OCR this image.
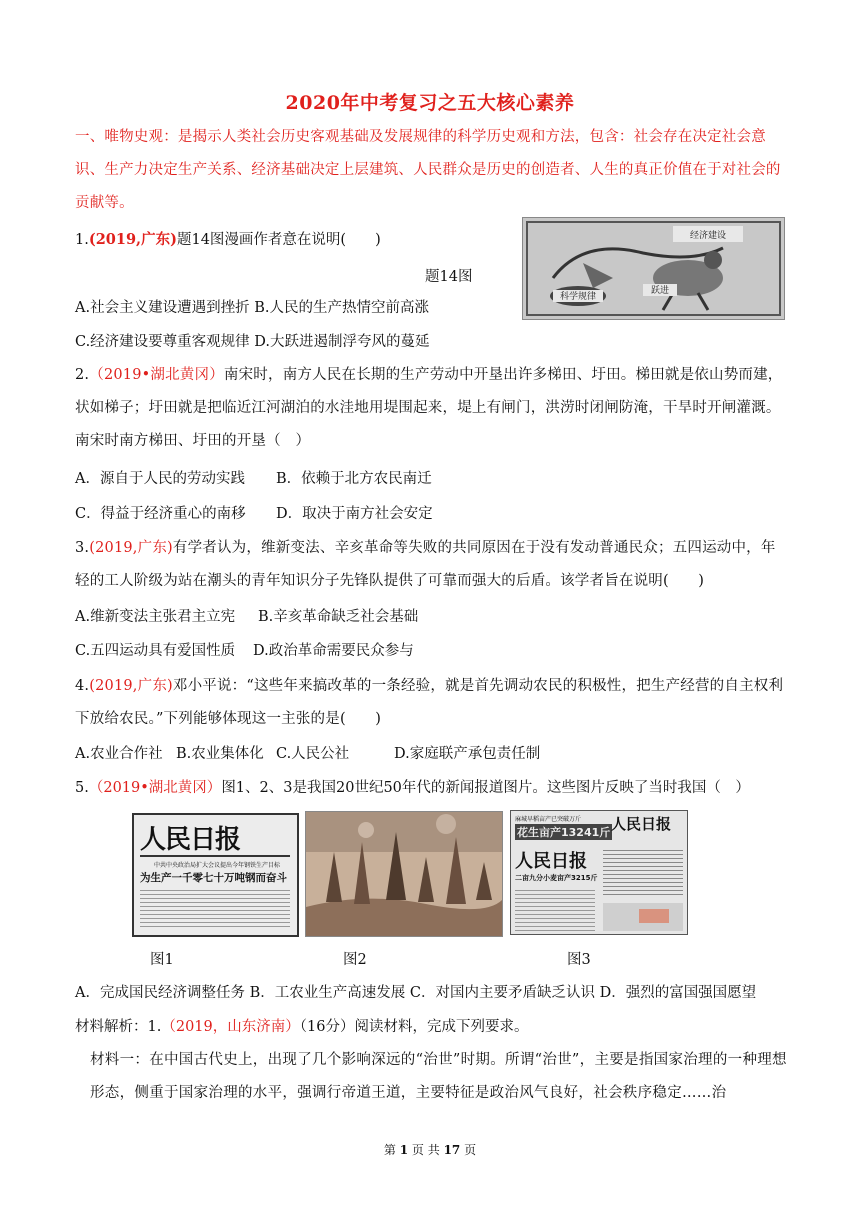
2020年中考复习之五大核心素养
一、唯物史观：是揭示人类社会历史客观基础及发展规律的科学历史观和方法，包含：社会存在决定社会意识、生产力决定生产关系、经济基础决定上层建筑、人民群众是历史的创造者、人生的真正价值在于对社会的贡献等。
1.(2019,广东)题14图漫画作者意在说明(　　)	经济建设
跃进
科学规律
题14图
A.社会主义建设遭遇到挫折 B.人民的生产热情空前高涨
C.经济建设要尊重客观规律 D.大跃进遏制浮夸风的蔓延
2.（2019•湖北黄冈）南宋时，南方人民在长期的生产劳动中开垦出许多梯田、圩田。梯田就是依山势而建，状如梯子；圩田就是把临近江河湖泊的水洼地用堤围起来，堤上有闸门，洪涝时闭闸防淹，干旱时开闸灌溉。南宋时南方梯田、圩田的开垦（　）
A．源自于人民的劳动实践 B．依赖于北方农民南迁
C．得益于经济重心的南移 D．取决于南方社会安定
3.(2019,广东)有学者认为，维新变法、辛亥革命等失败的共同原因在于没有发动普通民众；五四运动中，年轻的工人阶级为站在潮头的青年知识分子先锋队提供了可靠而强大的后盾。该学者旨在说明(　　)
A.维新变法主张君主立宪 B.辛亥革命缺乏社会基础
C.五四运动具有爱国性质 D.政治革命需要民众参与
4.(2019,广东)邓小平说：“这些年来搞改革的一条经验，就是首先调动农民的积极性，把生产经营的自主权利下放给农民。”下列能够体现这一主张的是(　　)
A.农业合作社 B.农业集体化 C.人民公社	D.家庭联产承包责任制
5.（2019•湖北黄冈）图1、2、3是我国20世纪50年代的新闻报道图片。这些图片反映了当时我国（　）
人民日报
中共中央政治局扩大会议提出今年钢铁生产目标
为生产一千零七十万吨钢而奋斗
麻城早稻亩产已突破万斤
花生亩产13241斤 人民日报
人民日报
二亩九分小麦亩产3215斤
图1	图2	图3
A．完成国民经济调整任务 B．工农业生产高速发展 C．对国内主要矛盾缺乏认识 D．强烈的富国强国愿望
材料解析：1.（2019，山东济南）（16分）阅读材料，完成下列要求。
材料一：在中国古代史上，出现了几个影响深远的“治世”时期。所谓“治世”，主要是指国家治理的一种理想形态，侧重于国家治理的水平，强调行帝道王道，主要特征是政治风气良好，社会秩序稳定……治
第 1 页 共 17 页
